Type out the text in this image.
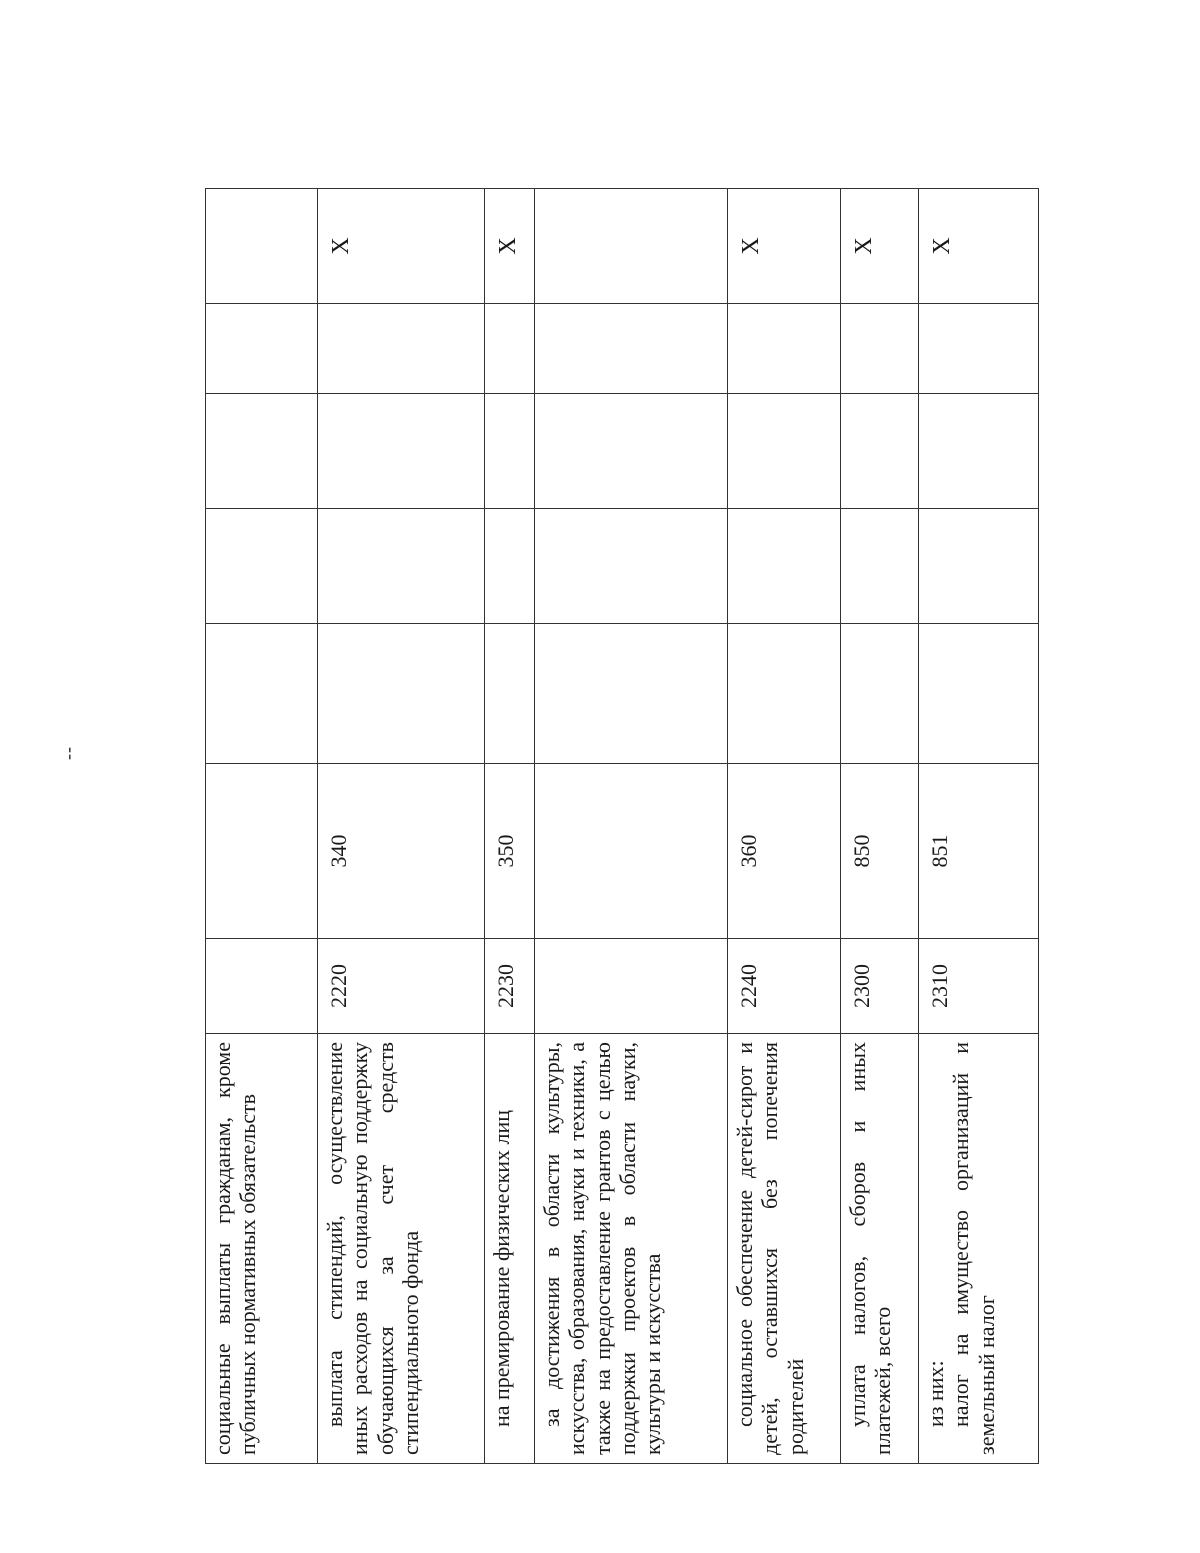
--
социальные выплаты гражданам, кроме публичных нормативных обязательств							
выплата стипендий, осуществление иных расходов на социальную поддержку обучающихся за счет средств стипендиального фонда	2220	340					X
на премирование физических лиц	2230	350					X
за достижения в области культуры, искусства, образования, науки и техники, а также на предоставление грантов с целью поддержки проектов в области науки, культуры и искусства							
социальное обеспечение детей-сирот и детей, оставшихся без попечения родителей	2240	360					X
уплата налогов, сборов и иных платежей, всего	2300	850					X

из них: налог на имущество организаций и земельный налог	2310	851					X
